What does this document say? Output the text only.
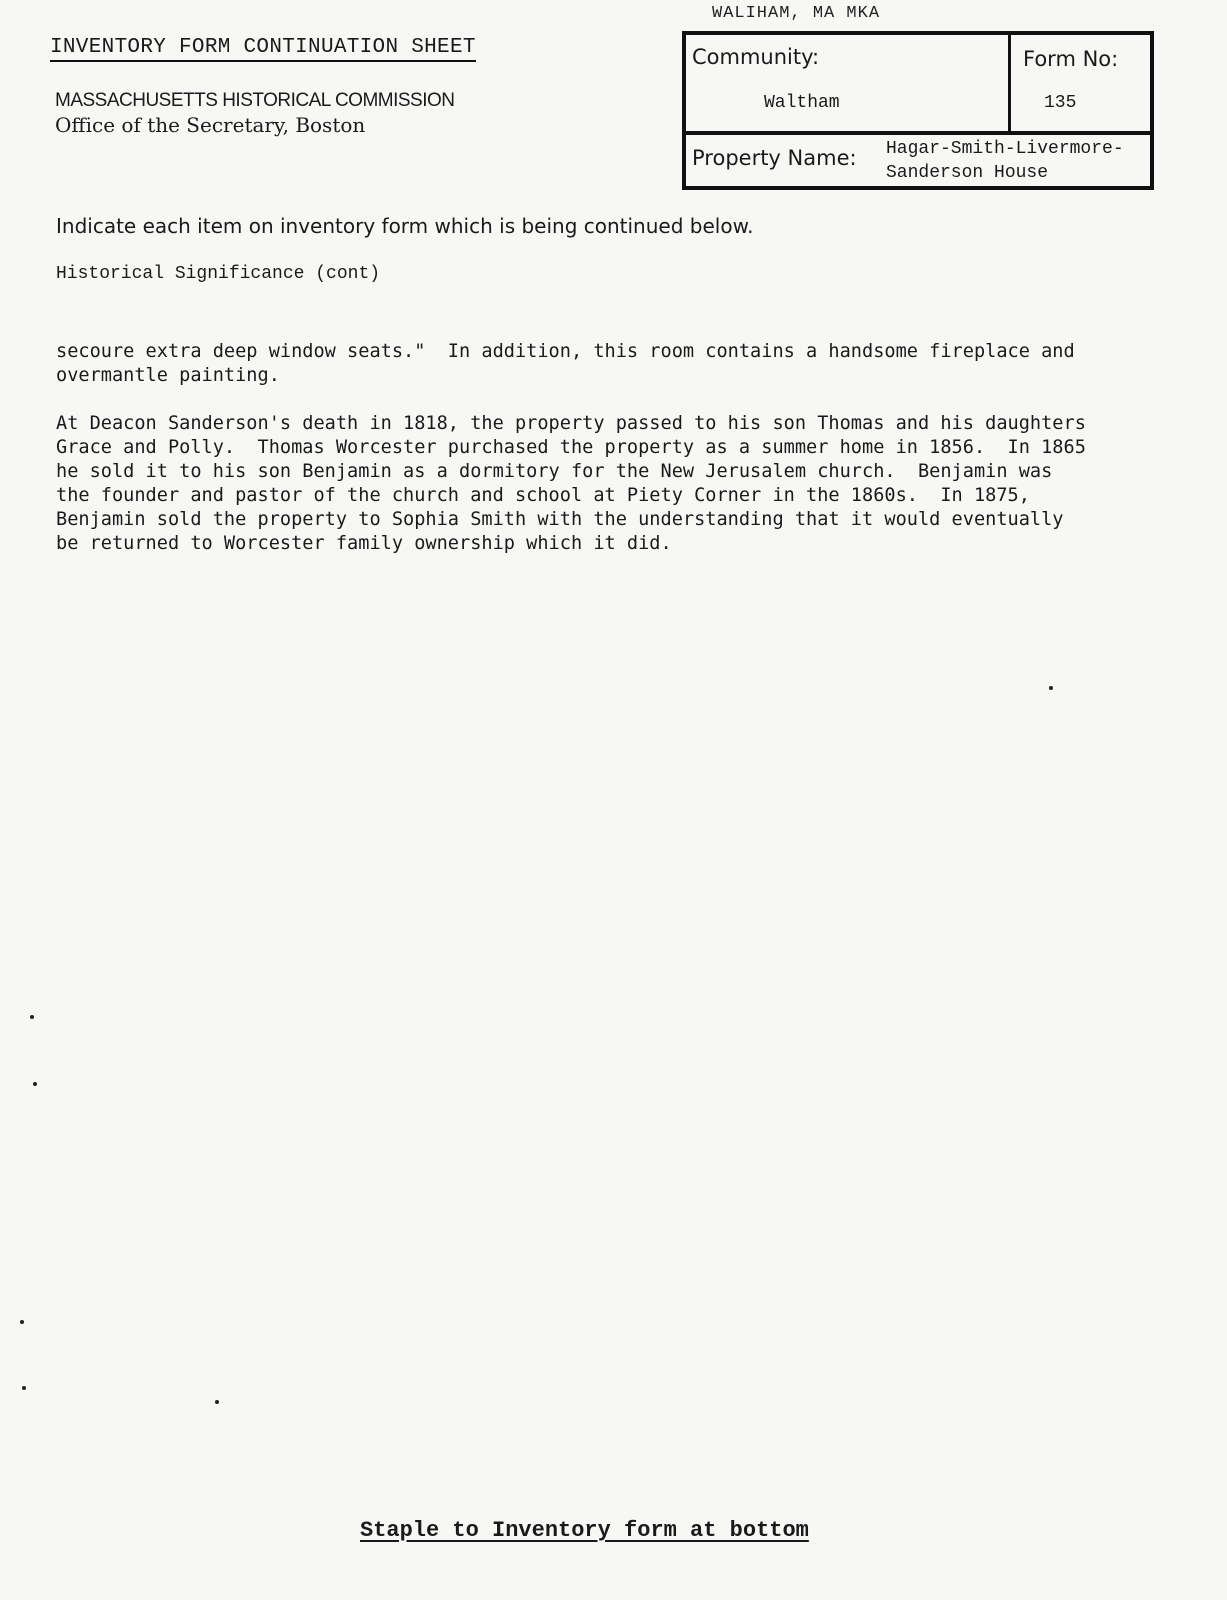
WALIHAM, MA MKA
INVENTORY FORM CONTINUATION SHEET
MASSACHUSETTS HISTORICAL COMMISSION
Office of the Secretary, Boston
Community:
Waltham
Form No:
135
Property Name: Hagar-Smith-Livermore-
Sanderson House
Indicate each item on inventory form which is being continued below.
Historical Significance (cont)
secoure extra deep window seats."  In addition, this room contains a handsome fireplace and
overmantle painting.
At Deacon Sanderson's death in 1818, the property passed to his son Thomas and his daughters
Grace and Polly.  Thomas Worcester purchased the property as a summer home in 1856.  In 1865
he sold it to his son Benjamin as a dormitory for the New Jerusalem church.  Benjamin was
the founder and pastor of the church and school at Piety Corner in the 1860s.  In 1875,
Benjamin sold the property to Sophia Smith with the understanding that it would eventually
be returned to Worcester family ownership which it did.
Staple to Inventory form at bottom
